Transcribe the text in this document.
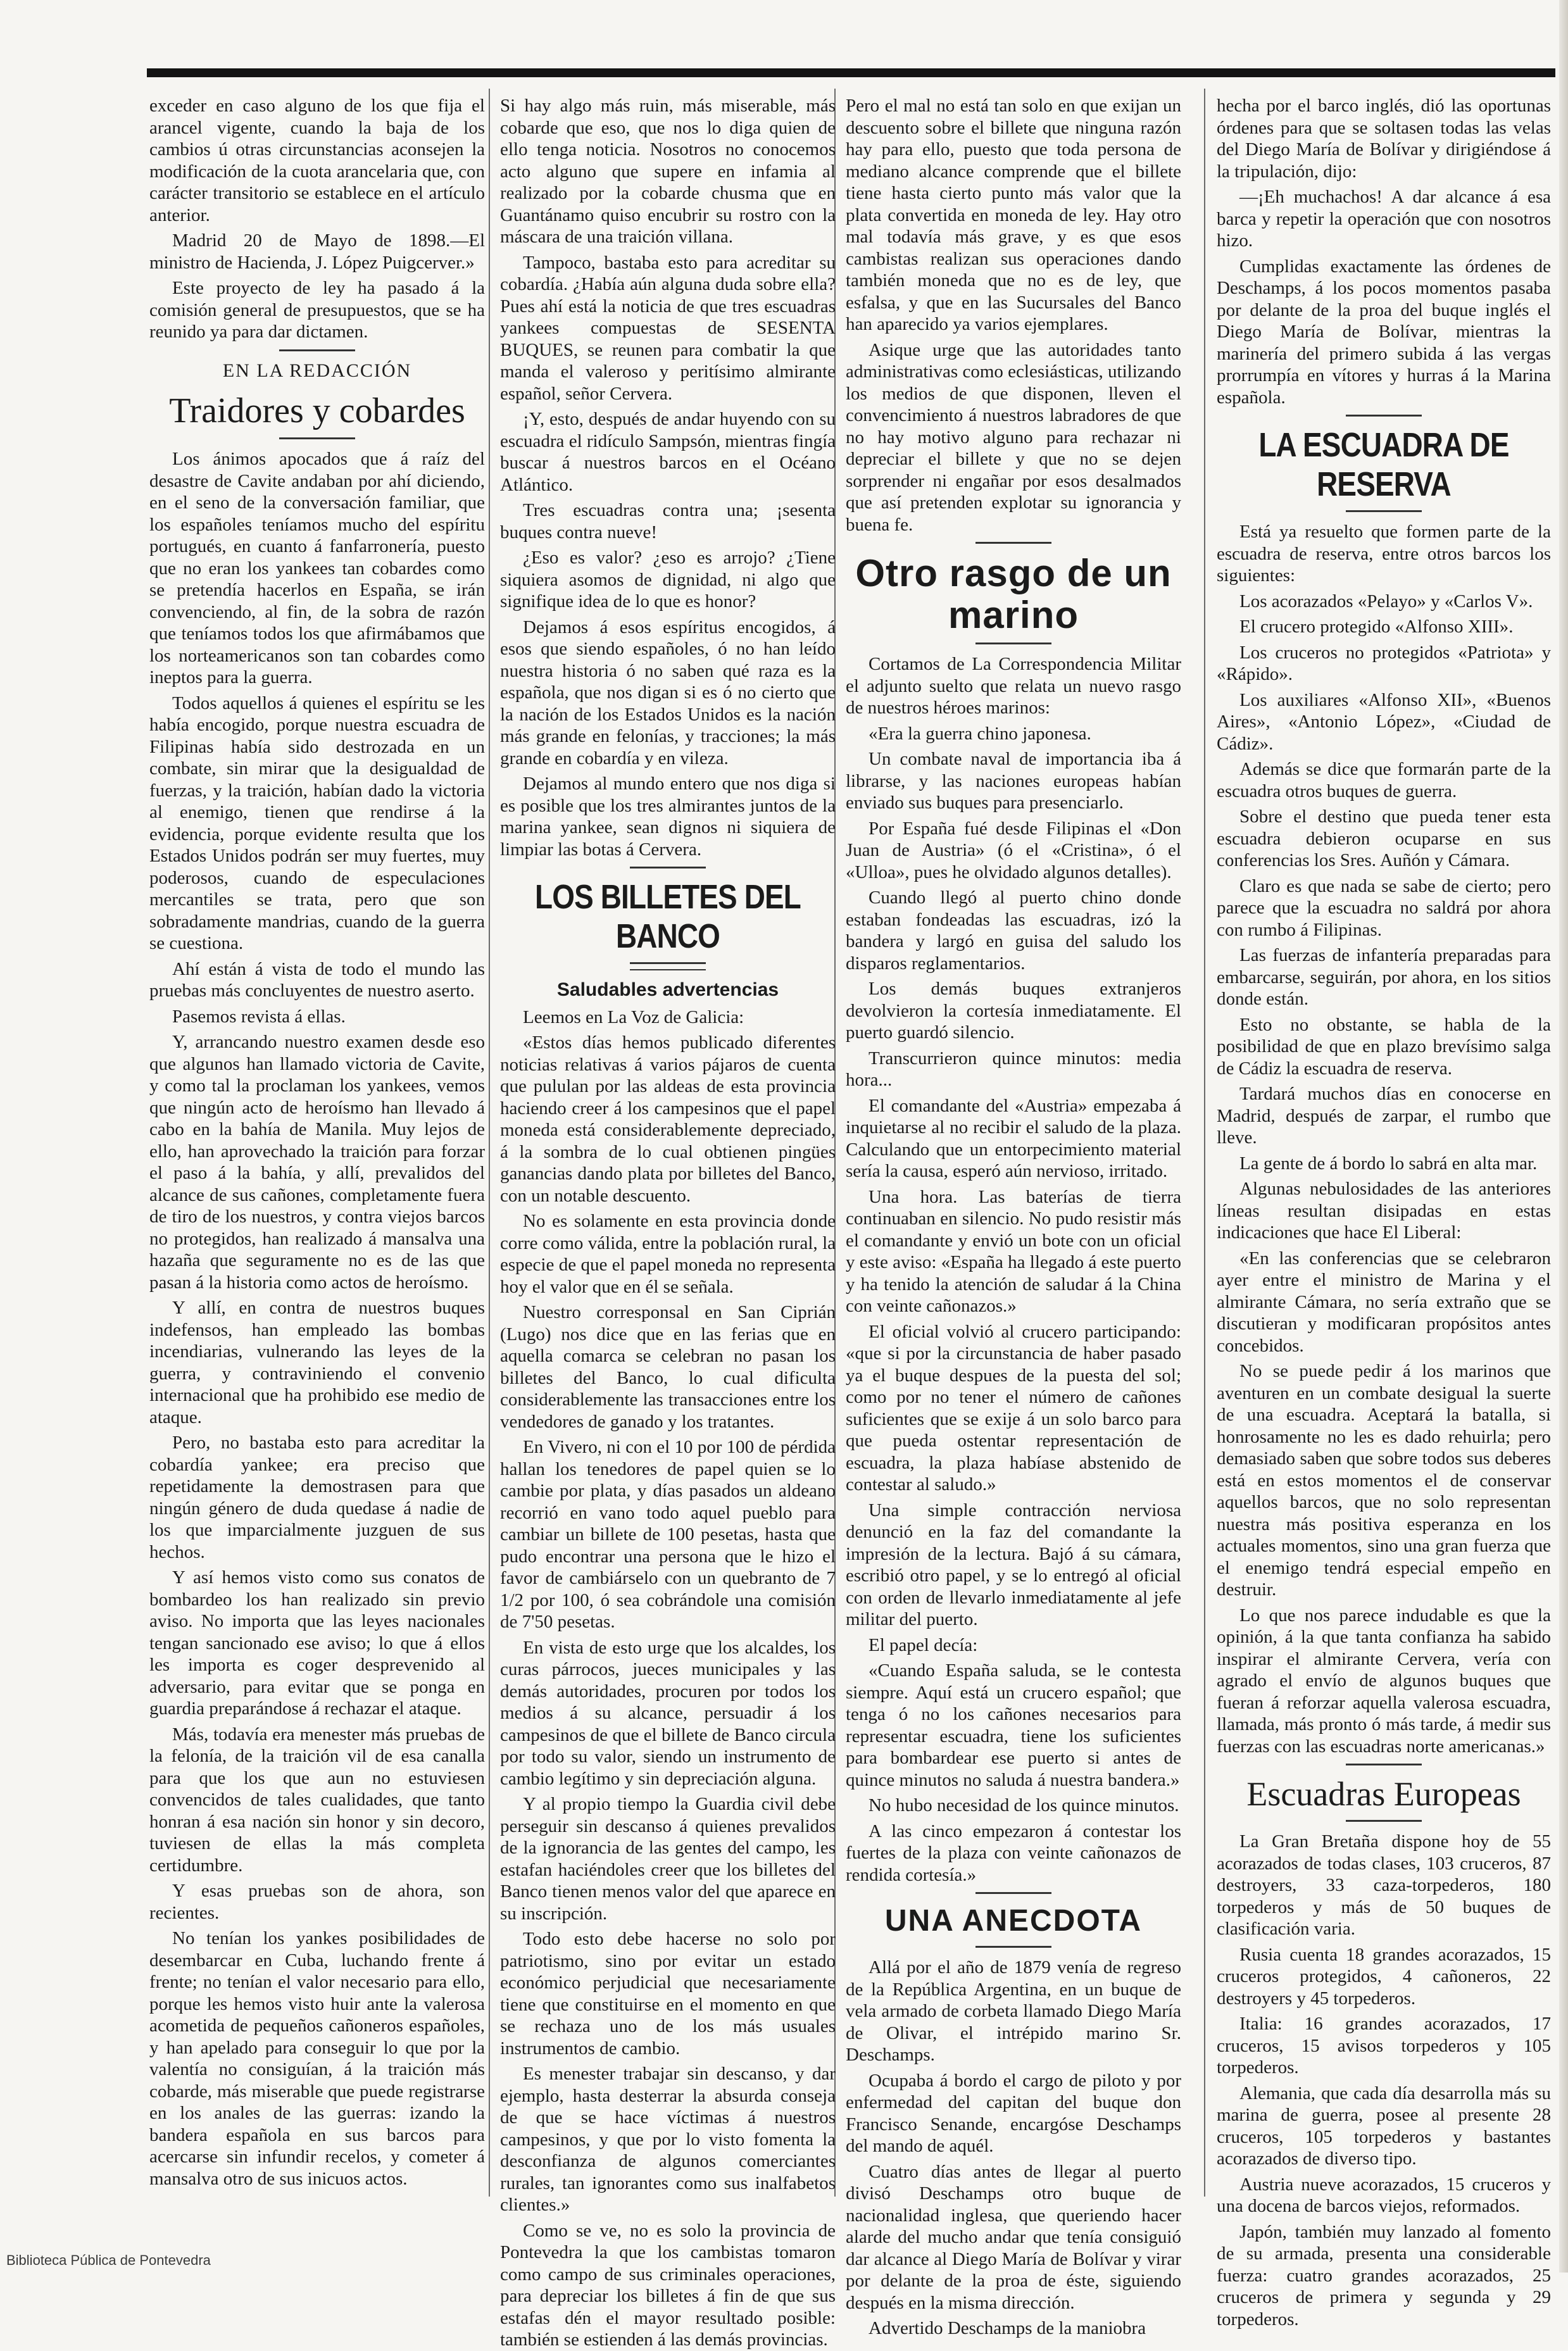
exceder en caso alguno de los que fija el arancel vigente, cuando la baja de los cambios ú otras circunstancias aconsejen la modificación de la cuota arancelaria que, con carácter transitorio se establece en el artículo anterior.

Madrid 20 de Mayo de 1898.—El ministro de Hacienda, J. López Puigcerver.»

Este proyecto de ley ha pasado á la comisión general de presupuestos, que se ha reunido ya para dar dictamen.

EN LA REDACCIÓN
Traidores y cobardes

Los ánimos apocados que á raíz del desastre de Cavite andaban por ahí diciendo, en el seno de la conversación familiar, que los españoles teníamos mucho del espíritu portugués, en cuanto á fanfarronería, puesto que no eran los yankees tan cobardes como se pretendía hacerlos en España, se irán convenciendo, al fin, de la sobra de razón que teníamos todos los que afirmábamos que los norteamericanos son tan cobardes como ineptos para la guerra.

Todos aquellos á quienes el espíritu se les había encogido, porque nuestra escuadra de Filipinas había sido destrozada en un combate, sin mirar que la desigualdad de fuerzas, y la traición, habían dado la victoria al enemigo, tienen que rendirse á la evidencia, porque evidente resulta que los Estados Unidos podrán ser muy fuertes, muy poderosos, cuando de especulaciones mercantiles se trata, pero que son sobradamente mandrias, cuando de la guerra se cuestiona.

Ahí están á vista de todo el mundo las pruebas más concluyentes de nuestro aserto.

Pasemos revista á ellas.

Y, arrancando nuestro examen desde eso que algunos han llamado victoria de Cavite, y como tal la proclaman los yankees, vemos que ningún acto de heroísmo han llevado á cabo en la bahía de Manila. Muy lejos de ello, han aprovechado la traición para forzar el paso á la bahía, y allí, prevalidos del alcance de sus cañones, completamente fuera de tiro de los nuestros, y contra viejos barcos no protegidos, han realizado á mansalva una hazaña que seguramente no es de las que pasan á la historia como actos de heroísmo.

Y allí, en contra de nuestros buques indefensos, han empleado las bombas incendiarias, vulnerando las leyes de la guerra, y contraviniendo el convenio internacional que ha prohibido ese medio de ataque.

Pero, no bastaba esto para acreditar la cobardía yankee; era preciso que repetidamente la demostrasen para que ningún género de duda quedase á nadie de los que imparcialmente juzguen de sus hechos.

Y así hemos visto como sus conatos de bombardeo los han realizado sin previo aviso. No importa que las leyes nacionales tengan sancionado ese aviso; lo que á ellos les importa es coger desprevenido al adversario, para evitar que se ponga en guardia preparándose á rechazar el ataque.

Más, todavía era menester más pruebas de la felonía, de la traición vil de esa canalla para que los que aun no estuviesen convencidos de tales cualidades, que tanto honran á esa nación sin honor y sin decoro, tuviesen de ellas la más completa certidumbre.

Y esas pruebas son de ahora, son recientes.

No tenían los yankes posibilidades de desembarcar en Cuba, luchando frente á frente; no tenían el valor necesario para ello, porque les hemos visto huir ante la valerosa acometida de pequeños cañoneros españoles, y han apelado para conseguir lo que por la valentía no consiguían, á la traición más cobarde, más miserable que puede registrarse en los anales de las guerras: izando la bandera española en sus barcos para acercarse sin infundir recelos, y cometer á mansalva otro de sus inicuos actos.

Si hay algo más ruin, más miserable, más cobarde que eso, que nos lo diga quien de ello tenga noticia. Nosotros no conocemos acto alguno que supere en infamia al realizado por la cobarde chusma que en Guantánamo quiso encubrir su rostro con la máscara de una traición villana.

Tampoco, bastaba esto para acreditar su cobardía. ¿Había aún alguna duda sobre ella? Pues ahí está la noticia de que tres escuadras yankees compuestas de SESENTA BUQUES, se reunen para combatir la que manda el valeroso y peritísimo almirante español, señor Cervera.

¡Y, esto, después de andar huyendo con su escuadra el ridículo Sampsón, mientras fingía buscar á nuestros barcos en el Océano Atlántico.

Tres escuadras contra una; ¡sesenta buques contra nueve!

¿Eso es valor? ¿eso es arrojo? ¿Tiene siquiera asomos de dignidad, ni algo que signifique idea de lo que es honor?

Dejamos á esos espíritus encogidos, á esos que siendo españoles, ó no han leído nuestra historia ó no saben qué raza es la española, que nos digan si es ó no cierto que la nación de los Estados Unidos es la nación más grande en felonías, y tracciones; la más grande en cobardía y en vileza.

Dejamos al mundo entero que nos diga si es posible que los tres almirantes juntos de la marina yankee, sean dignos ni siquiera de limpiar las botas á Cervera.

LOS BILLETES DEL BANCO
Saludables advertencias

Leemos en La Voz de Galicia:

«Estos días hemos publicado diferentes noticias relativas á varios pájaros de cuenta que pululan por las aldeas de esta provincia haciendo creer á los campesinos que el papel moneda está considerablemente depreciado, á la sombra de lo cual obtienen pingües ganancias dando plata por billetes del Banco, con un notable descuento.

No es solamente en esta provincia donde corre como válida, entre la población rural, la especie de que el papel moneda no representa hoy el valor que en él se señala.

Nuestro corresponsal en San Ciprián (Lugo) nos dice que en las ferias que en aquella comarca se celebran no pasan los billetes del Banco, lo cual dificulta considerablemente las transacciones entre los vendedores de ganado y los tratantes.

En Vivero, ni con el 10 por 100 de pérdida hallan los tenedores de papel quien se lo cambie por plata, y días pasados un aldeano recorrió en vano todo aquel pueblo para cambiar un billete de 100 pesetas, hasta que pudo encontrar una persona que le hizo el favor de cambiárselo con un quebranto de 7 1/2 por 100, ó sea cobrándole una comisión de 7'50 pesetas.

En vista de esto urge que los alcaldes, los curas párrocos, jueces municipales y las demás autoridades, procuren por todos los medios á su alcance, persuadir á los campesinos de que el billete de Banco circula por todo su valor, siendo un instrumento de cambio legítimo y sin depreciación alguna.

Y al propio tiempo la Guardia civil debe perseguir sin descanso á quienes prevalidos de la ignorancia de las gentes del campo, les estafan haciéndoles creer que los billetes del Banco tienen menos valor del que aparece en su inscripción.

Todo esto debe hacerse no solo por patriotismo, sino por evitar un estado económico perjudicial que necesariamente tiene que constituirse en el momento en que se rechaza uno de los más usuales instrumentos de cambio.

Es menester trabajar sin descanso, y dar ejemplo, hasta desterrar la absurda conseja de que se hace víctimas á nuestros campesinos, y que por lo visto fomenta la desconfianza de algunos comerciantes rurales, tan ignorantes como sus inalfabetos clientes.»

Como se ve, no es solo la provincia de Pontevedra la que los cambistas tomaron como campo de sus criminales operaciones, para depreciar los billetes á fin de que sus estafas dén el mayor resultado posible: también se estienden á las demás provincias.

Pero el mal no está tan solo en que exijan un descuento sobre el billete que ninguna razón hay para ello, puesto que toda persona de mediano alcance comprende que el billete tiene hasta cierto punto más valor que la plata convertida en moneda de ley. Hay otro mal todavía más grave, y es que esos cambistas realizan sus operaciones dando también moneda que no es de ley, que esfalsa, y que en las Sucursales del Banco han aparecido ya varios ejemplares.

Asique urge que las autoridades tanto administrativas como eclesiásticas, utilizando los medios de que disponen, lleven el convencimiento á nuestros labradores de que no hay motivo alguno para rechazar ni depreciar el billete y que no se dejen sorprender ni engañar por esos desalmados que así pretenden explotar su ignorancia y buena fe.

Otro rasgo de un marino

Cortamos de La Correspondencia Militar el adjunto suelto que relata un nuevo rasgo de nuestros héroes marinos:

«Era la guerra chino japonesa.

Un combate naval de importancia iba á librarse, y las naciones europeas habían enviado sus buques para presenciarlo.

Por España fué desde Filipinas el «Don Juan de Austria» (ó el «Cristina», ó el «Ulloa», pues he olvidado algunos detalles).

Cuando llegó al puerto chino donde estaban fondeadas las escuadras, izó la bandera y largó en guisa del saludo los disparos reglamentarios.

Los demás buques extranjeros devolvieron la cortesía inmediatamente. El puerto guardó silencio.

Transcurrieron quince minutos: media hora...

El comandante del «Austria» empezaba á inquietarse al no recibir el saludo de la plaza. Calculando que un entorpecimiento material sería la causa, esperó aún nervioso, irritado.

Una hora. Las baterías de tierra continuaban en silencio. No pudo resistir más el comandante y envió un bote con un oficial y este aviso: «España ha llegado á este puerto y ha tenido la atención de saludar á la China con veinte cañonazos.»

El oficial volvió al crucero participando: «que si por la circunstancia de haber pasado ya el buque despues de la puesta del sol; como por no tener el número de cañones suficientes que se exije á un solo barco para que pueda ostentar representación de escuadra, la plaza habíase abstenido de contestar al saludo.»

Una simple contracción nerviosa denunció en la faz del comandante la impresión de la lectura. Bajó á su cámara, escribió otro papel, y se lo entregó al oficial con orden de llevarlo inmediatamente al jefe militar del puerto.

El papel decía:

«Cuando España saluda, se le contesta siempre. Aquí está un crucero español; que tenga ó no los cañones necesarios para representar escuadra, tiene los suficientes para bombardear ese puerto si antes de quince minutos no saluda á nuestra bandera.»

No hubo necesidad de los quince minutos.

A las cinco empezaron á contestar los fuertes de la plaza con veinte cañonazos de rendida cortesía.»

UNA ANECDOTA

Allá por el año de 1879 venía de regreso de la República Argentina, en un buque de vela armado de corbeta llamado Diego María de Olivar, el intrépido marino Sr. Deschamps.

Ocupaba á bordo el cargo de piloto y por enfermedad del capitan del buque don Francisco Senande, encargóse Deschamps del mando de aquél.

Cuatro días antes de llegar al puerto divisó Deschamps otro buque de nacionalidad inglesa, que queriendo hacer alarde del mucho andar que tenía consiguió dar alcance al Diego María de Bolívar y virar por delante de la proa de éste, siguiendo después en la misma dirección.

Advertido Deschamps de la maniobra

hecha por el barco inglés, dió las oportunas órdenes para que se soltasen todas las velas del Diego María de Bolívar y dirigiéndose á la tripulación, dijo:

—¡Eh muchachos! A dar alcance á esa barca y repetir la operación que con nosotros hizo.

Cumplidas exactamente las órdenes de Deschamps, á los pocos momentos pasaba por delante de la proa del buque inglés el Diego María de Bolívar, mientras la marinería del primero subida á las vergas prorrumpía en vítores y hurras á la Marina española.

LA ESCUADRA DE RESERVA

Está ya resuelto que formen parte de la escuadra de reserva, entre otros barcos los siguientes:

Los acorazados «Pelayo» y «Carlos V».

El crucero protegido «Alfonso XIII».

Los cruceros no protegidos «Patriota» y «Rápido».

Los auxiliares «Alfonso XII», «Buenos Aires», «Antonio López», «Ciudad de Cádiz».

Además se dice que formarán parte de la escuadra otros buques de guerra.

Sobre el destino que pueda tener esta escuadra debieron ocuparse en sus conferencias los Sres. Auñón y Cámara.

Claro es que nada se sabe de cierto; pero parece que la escuadra no saldrá por ahora con rumbo á Filipinas.

Las fuerzas de infantería preparadas para embarcarse, seguirán, por ahora, en los sitios donde están.

Esto no obstante, se habla de la posibilidad de que en plazo brevísimo salga de Cádiz la escuadra de reserva.

Tardará muchos días en conocerse en Madrid, después de zarpar, el rumbo que lleve.

La gente de á bordo lo sabrá en alta mar.

Algunas nebulosidades de las anteriores líneas resultan disipadas en estas indicaciones que hace El Liberal:

«En las conferencias que se celebraron ayer entre el ministro de Marina y el almirante Cámara, no sería extraño que se discutieran y modificaran propósitos antes concebidos.

No se puede pedir á los marinos que aventuren en un combate desigual la suerte de una escuadra. Aceptará la batalla, si honrosamente no les es dado rehuirla; pero demasiado saben que sobre todos sus deberes está en estos momentos el de conservar aquellos barcos, que no solo representan nuestra más positiva esperanza en los actuales momentos, sino una gran fuerza que el enemigo tendrá especial empeño en destruir.

Lo que nos parece indudable es que la opinión, á la que tanta confianza ha sabido inspirar el almirante Cervera, vería con agrado el envío de algunos buques que fueran á reforzar aquella valerosa escuadra, llamada, más pronto ó más tarde, á medir sus fuerzas con las escuadras norte americanas.»

Escuadras Europeas

La Gran Bretaña dispone hoy de 55 acorazados de todas clases, 103 cruceros, 87 destroyers, 33 caza-torpederos, 180 torpederos y más de 50 buques de clasificación varia.

Rusia cuenta 18 grandes acorazados, 15 cruceros protegidos, 4 cañoneros, 22 destroyers y 45 torpederos.

Italia: 16 grandes acorazados, 17 cruceros, 15 avisos torpederos y 105 torpederos.

Alemania, que cada día desarrolla más su marina de guerra, posee al presente 28 cruceros, 105 torpederos y bastantes acorazados de diverso tipo.

Austria nueve acorazados, 15 cruceros y una docena de barcos viejos, reformados.

Japón, también muy lanzado al fomento de su armada, presenta una considerable fuerza: cuatro grandes acorazados, 25 cruceros de primera y segunda y 29 torpederos.

Biblioteca Pública de Pontevedra
